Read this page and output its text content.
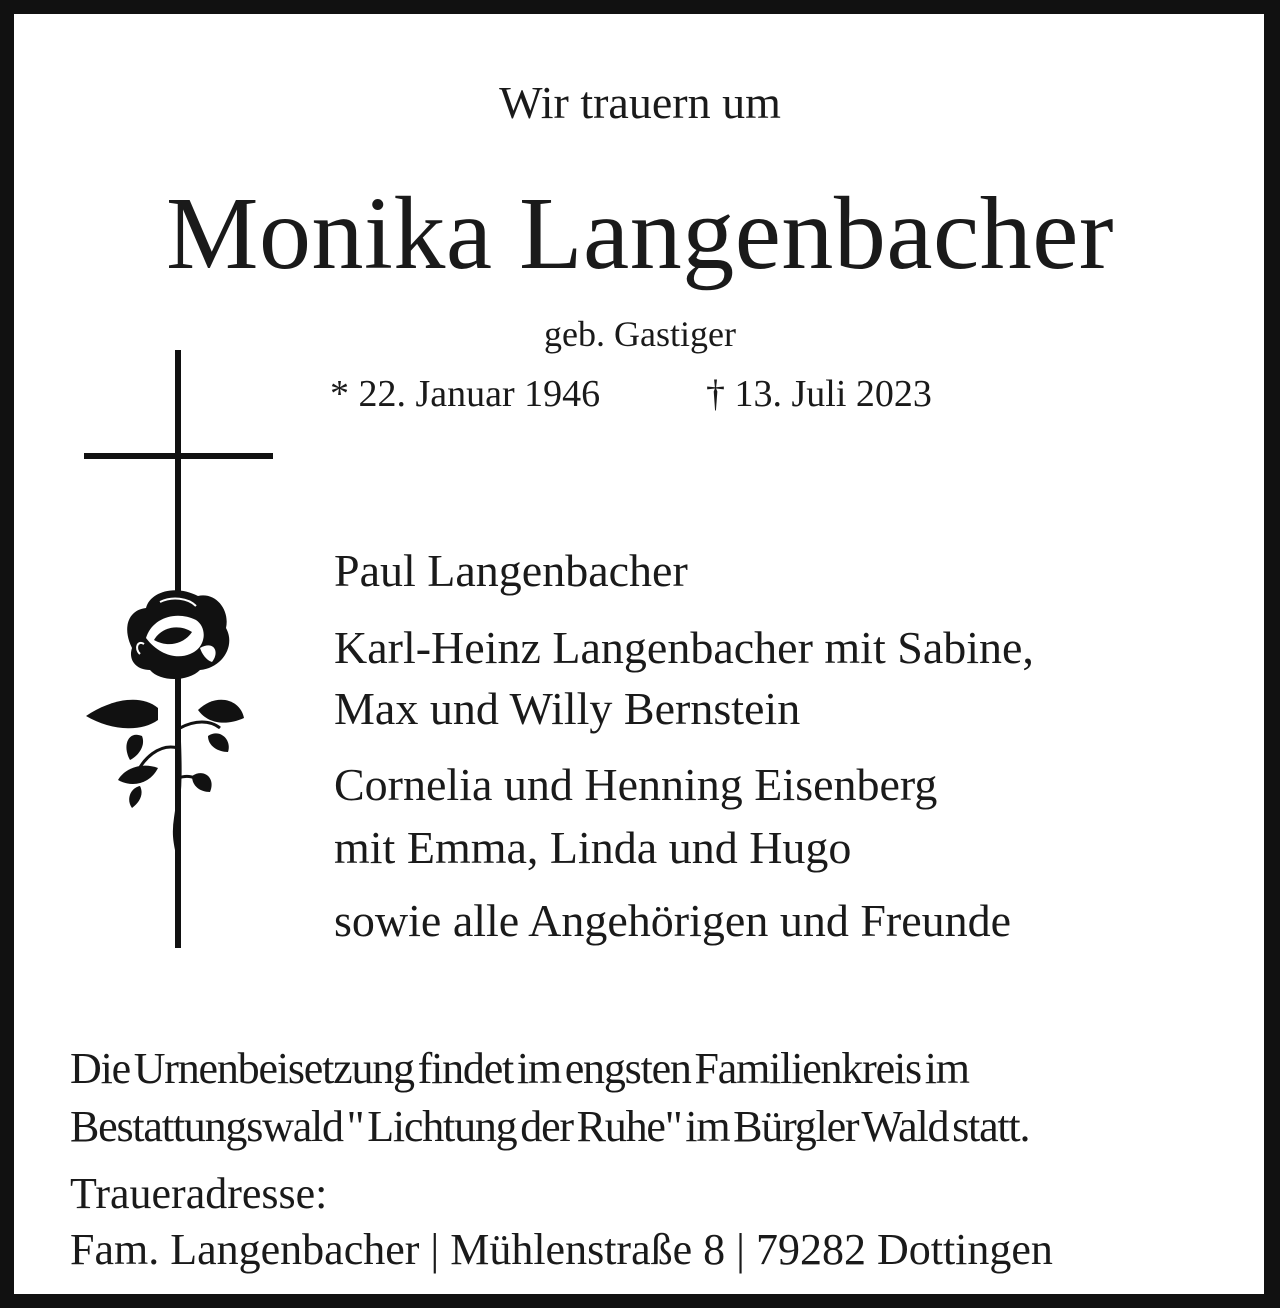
Wir trauern um

Monika Langenbacher

geb. Gastiger

* 22. Januar 1946	† 13. Juli 2023

Paul Langenbacher

Karl-Heinz Langenbacher mit Sabine,

Max und Willy Bernstein

Cornelia und Henning Eisenberg

mit Emma, Linda und Hugo

sowie alle Angehörigen und Freunde

Die Urnenbeisetzung findet im engsten Familienkreis im

Bestattungswald " Lichtung der Ruhe" im Bürgler Wald statt.

Traueradresse:

Fam. Langenbacher | Mühlenstraße 8 | 79282 Dottingen
